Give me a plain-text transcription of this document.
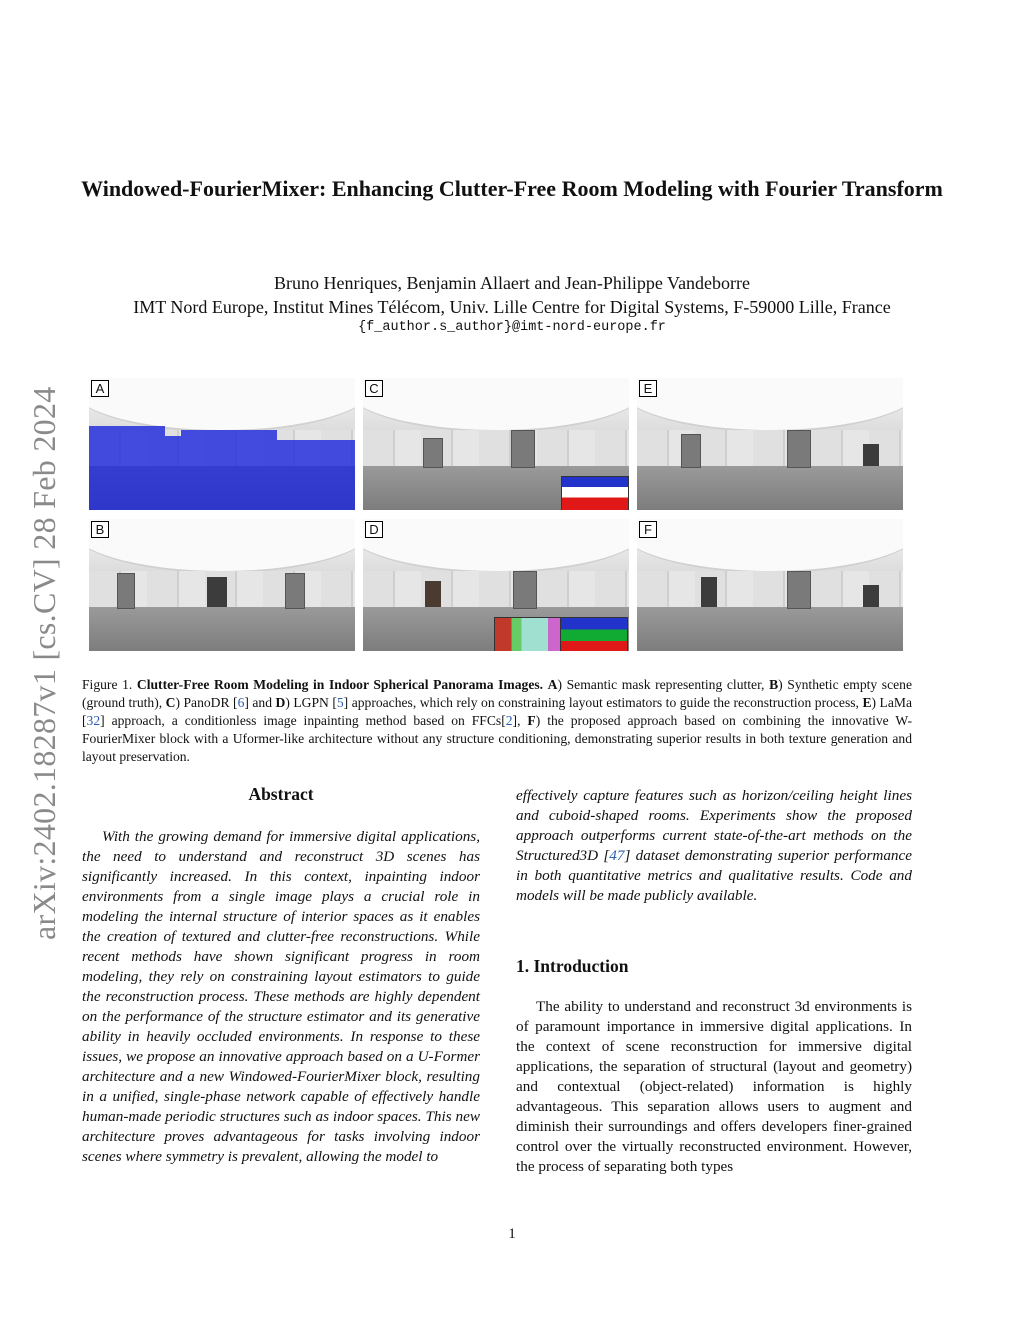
arXiv:2402.18287v1 [cs.CV] 28 Feb 2024
Windowed-FourierMixer: Enhancing Clutter-Free Room Modeling with Fourier Transform
Bruno Henriques, Benjamin Allaert and Jean-Philippe Vandeborre
IMT Nord Europe, Institut Mines Télécom, Univ. Lille Centre for Digital Systems, F-59000 Lille, France
{f_author.s_author}@imt-nord-europe.fr
A
B
C
D
E
F
Figure 1. Clutter-Free Room Modeling in Indoor Spherical Panorama Images. A) Semantic mask representing clutter, B) Synthetic empty scene (ground truth), C) PanoDR [6] and D) LGPN [5] approaches, which rely on constraining layout estimators to guide the reconstruction process, E) LaMa [32] approach, a conditionless image inpainting method based on FFCs[2], F) the proposed approach based on combining the innovative W-FourierMixer block with a Uformer-like architecture without any structure conditioning, demonstrating superior results in both texture generation and layout preservation.
Abstract

With the growing demand for immersive digital applications, the need to understand and reconstruct 3D scenes has significantly increased. In this context, inpainting indoor environments from a single image plays a crucial role in modeling the internal structure of interior spaces as it enables the creation of textured and clutter-free reconstructions. While recent methods have shown significant progress in room modeling, they rely on constraining layout estimators to guide the reconstruction process. These methods are highly dependent on the performance of the structure estimator and its generative ability in heavily occluded environments. In response to these issues, we propose an innovative approach based on a U-Former architecture and a new Windowed-FourierMixer block, resulting in a unified, single-phase network capable of effectively handle human-made periodic structures such as indoor spaces. This new architecture proves advantageous for tasks involving indoor scenes where symmetry is prevalent, allowing the model to

effectively capture features such as horizon/ceiling height lines and cuboid-shaped rooms. Experiments show the proposed approach outperforms current state-of-the-art methods on the Structured3D [47] dataset demonstrating superior performance in both quantitative metrics and qualitative results. Code and models will be made publicly available.

1. Introduction

The ability to understand and reconstruct 3d environments is of paramount importance in immersive digital applications. In the context of scene reconstruction for immersive digital applications, the separation of structural (layout and geometry) and contextual (object-related) information is highly advantageous. This separation allows users to augment and diminish their surroundings and offers developers finer-grained control over the virtually reconstructed environment. However, the process of separating both types

1
